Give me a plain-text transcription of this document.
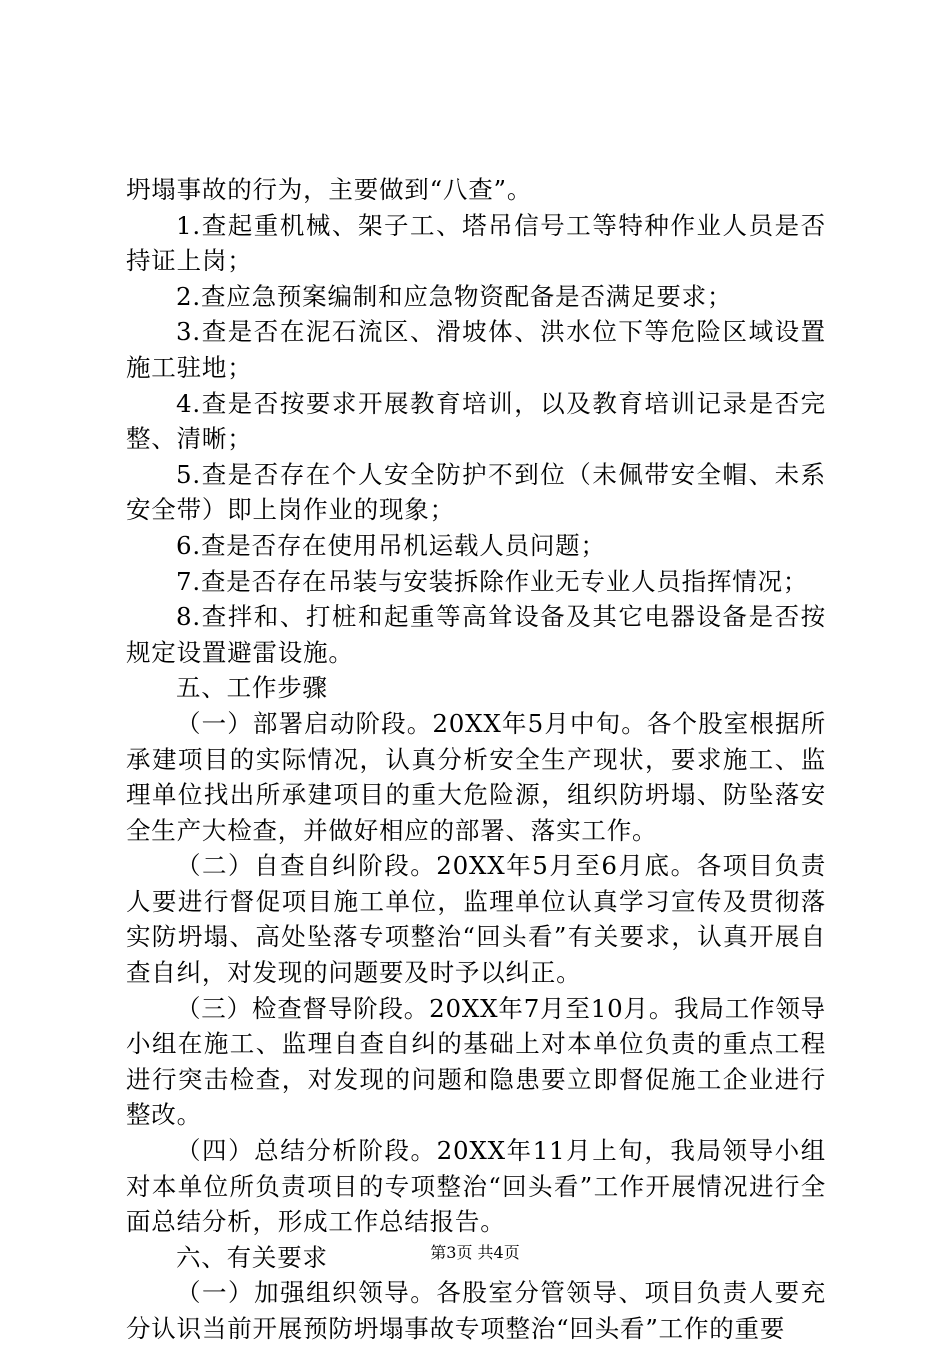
坍塌事故的行为，主要做到“八查”。

1.查起重机械、架子工、塔吊信号工等特种作业人员是否持证上岗；

2.查应急预案编制和应急物资配备是否满足要求；

3.查是否在泥石流区、滑坡体、洪水位下等危险区域设置施工驻地；

4.查是否按要求开展教育培训，以及教育培训记录是否完整、清晰；

5.查是否存在个人安全防护不到位（未佩带安全帽、未系安全带）即上岗作业的现象；

6.查是否存在使用吊机运载人员问题；

7.查是否存在吊装与安装拆除作业无专业人员指挥情况；

8.查拌和、打桩和起重等高耸设备及其它电器设备是否按规定设置避雷设施。

五、工作步骤

（一）部署启动阶段。20XX年5月中旬。各个股室根据所承建项目的实际情况，认真分析安全生产现状，要求施工、监理单位找出所承建项目的重大危险源，组织防坍塌、防坠落安全生产大检查，并做好相应的部署、落实工作。

（二）自查自纠阶段。20XX年5月至6月底。各项目负责人要进行督促项目施工单位，监理单位认真学习宣传及贯彻落实防坍塌、高处坠落专项整治“回头看”有关要求，认真开展自查自纠，对发现的问题要及时予以纠正。

（三）检查督导阶段。20XX年7月至10月。我局工作领导小组在施工、监理自查自纠的基础上对本单位负责的重点工程进行突击检查，对发现的问题和隐患要立即督促施工企业进行整改。

（四）总结分析阶段。20XX年11月上旬，我局领导小组对本单位所负责项目的专项整治“回头看”工作开展情况进行全面总结分析，形成工作总结报告。

六、有关要求

（一）加强组织领导。各股室分管领导、项目负责人要充分认识当前开展预防坍塌事故专项整治“回头看”工作的重要

第3页 共4页
